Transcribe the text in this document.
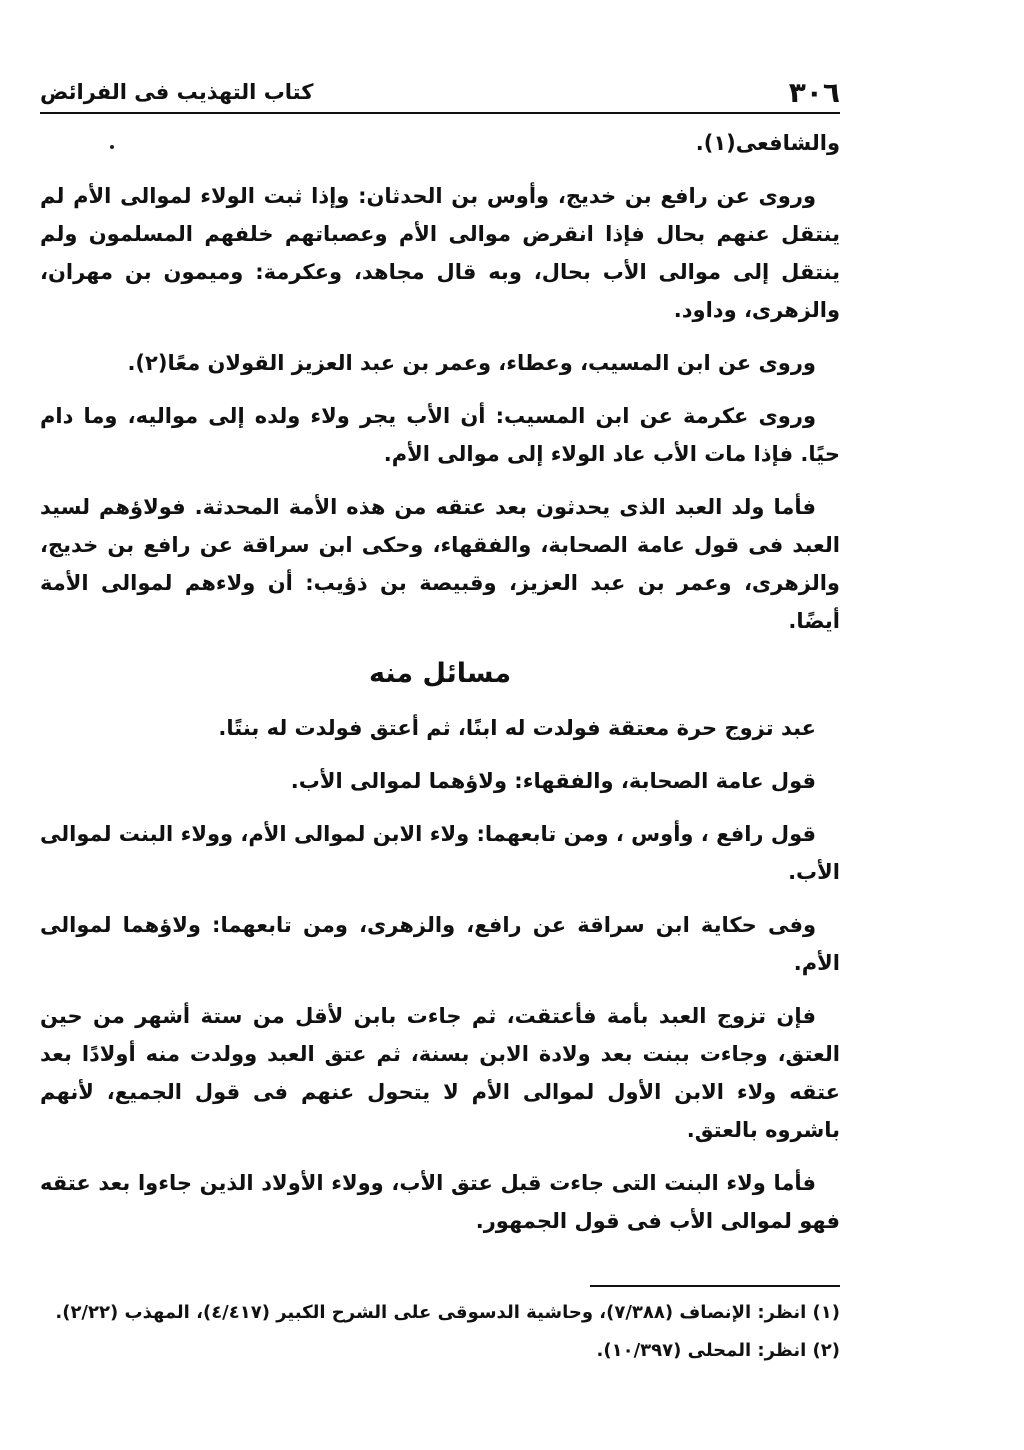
٣٠٦
كتاب التهذيب فى الفرائض

والشافعى(١).

وروى عن رافع بن خديج، وأوس بن الحدثان: وإذا ثبت الولاء لموالى الأم لم ينتقل عنهم بحال فإذا انقرض موالى الأم وعصباتهم خلفهم المسلمون ولم ينتقل إلى موالى الأب بحال، وبه قال مجاهد، وعكرمة: وميمون بن مهران، والزهرى، وداود.

وروى عن ابن المسيب، وعطاء، وعمر بن عبد العزيز القولان معًا(٢).

وروى عكرمة عن ابن المسيب: أن الأب يجر ولاء ولده إلى مواليه، وما دام حيًا. فإذا مات الأب عاد الولاء إلى موالى الأم.

فأما ولد العبد الذى يحدثون بعد عتقه من هذه الأمة المحدثة. فولاؤهم لسيد العبد فى قول عامة الصحابة، والفقهاء، وحكى ابن سراقة عن رافع بن خديج، والزهرى، وعمر بن عبد العزيز، وقبيصة بن ذؤيب: أن ولاءهم لموالى الأمة أيضًا.

مسائل منه

عبد تزوج حرة معتقة فولدت له ابنًا، ثم أعتق فولدت له بنتًا.

قول عامة الصحابة، والفقهاء: ولاؤهما لموالى الأب.

قول رافع ، وأوس ، ومن تابعهما: ولاء الابن لموالى الأم، وولاء البنت لموالى الأب.

وفى حكاية ابن سراقة عن رافع، والزهرى، ومن تابعهما: ولاؤهما لموالى الأم.

فإن تزوج العبد بأمة فأعتقت، ثم جاءت بابن لأقل من ستة أشهر من حين العتق، وجاءت ببنت بعد ولادة الابن بسنة، ثم عتق العبد وولدت منه أولادًا بعد عتقه ولاء الابن الأول لموالى الأم لا يتحول عنهم فى قول الجميع، لأنهم باشروه بالعتق.

فأما ولاء البنت التى جاءت قبل عتق الأب، وولاء الأولاد الذين جاءوا بعد عتقه فهو لموالى الأب فى قول الجمهور.

(١) انظر: الإنصاف (٧/٣٨٨)، وحاشية الدسوقى على الشرح الكبير (٤/٤١٧)، المهذب (٢/٢٢).

(٢) انظر: المحلى (١٠/٣٩٧).
